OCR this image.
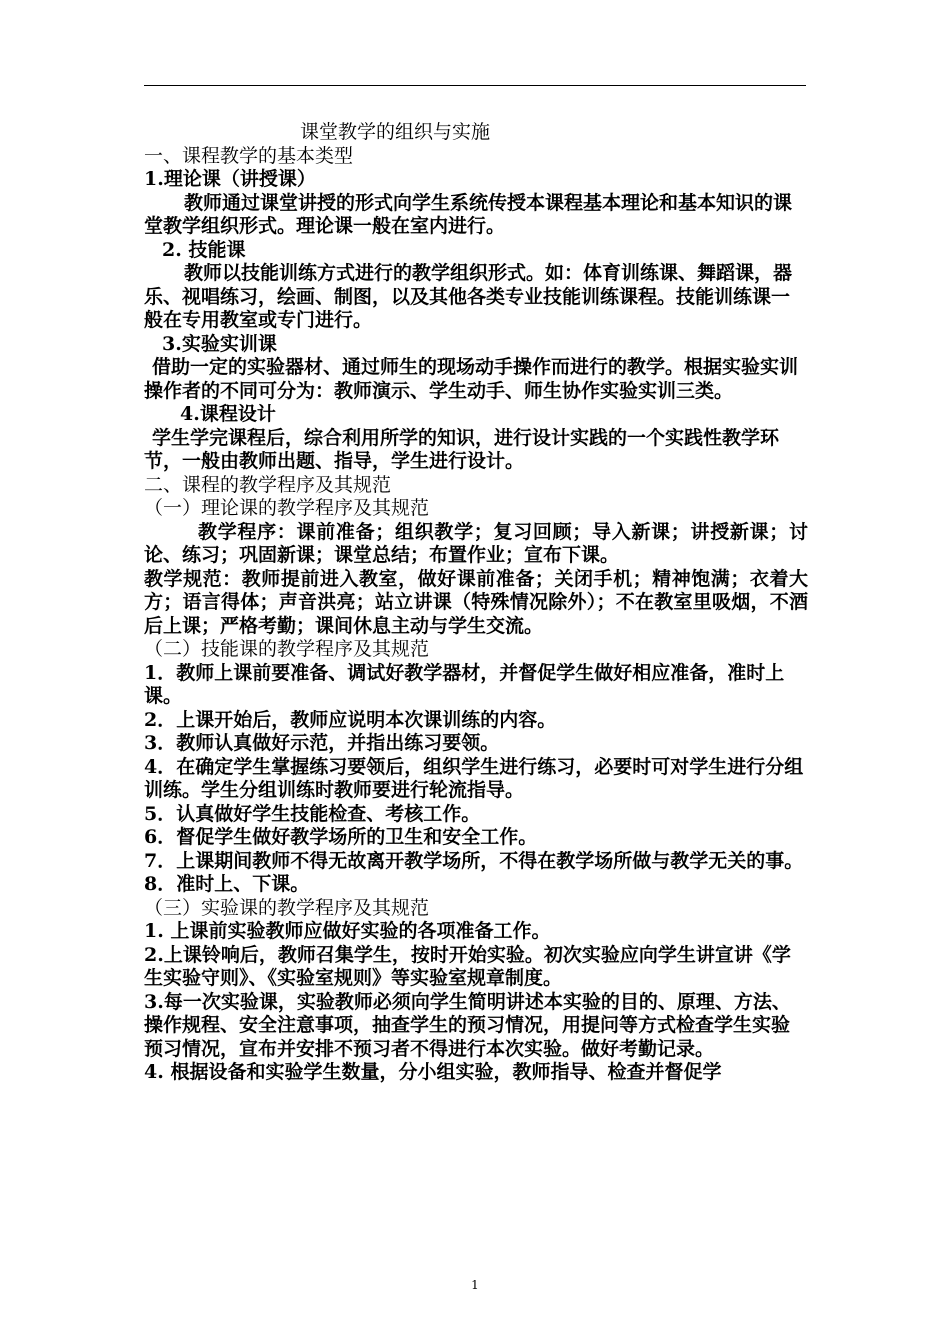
课堂教学的组织与实施

一、课程教学的基本类型

1.理论课（讲授课）

教师通过课堂讲授的形式向学生系统传授本课程基本理论和基本知识的课堂教学组织形式。理论课一般在室内进行。

2. 技能课

教师以技能训练方式进行的教学组织形式。如：体育训练课、舞蹈课，器乐、视唱练习，绘画、制图，以及其他各类专业技能训练课程。技能训练课一般在专用教室或专门进行。

3.实验实训课

借助一定的实验器材、通过师生的现场动手操作而进行的教学。根据实验实训操作者的不同可分为：教师演示、学生动手、师生协作实验实训三类。

4.课程设计

学生学完课程后，综合利用所学的知识，进行设计实践的一个实践性教学环节，一般由教师出题、指导，学生进行设计。

二、课程的教学程序及其规范

（一）理论课的教学程序及其规范

教学程序：课前准备；组织教学；复习回顾；导入新课；讲授新课；讨论、练习；巩固新课；课堂总结；布置作业；宣布下课。

教学规范：教师提前进入教室，做好课前准备；关闭手机；精神饱满；衣着大方；语言得体；声音洪亮；站立讲课（特殊情况除外）；不在教室里吸烟，不酒后上课；严格考勤；课间休息主动与学生交流。

（二）技能课的教学程序及其规范

1．教师上课前要准备、调试好教学器材，并督促学生做好相应准备，准时上课。

2．上课开始后，教师应说明本次课训练的内容。

3．教师认真做好示范，并指出练习要领。

4．在确定学生掌握练习要领后，组织学生进行练习，必要时可对学生进行分组训练。学生分组训练时教师要进行轮流指导。

5．认真做好学生技能检查、考核工作。

6．督促学生做好教学场所的卫生和安全工作。

7．上课期间教师不得无故离开教学场所，不得在教学场所做与教学无关的事。

8．准时上、下课。

（三）实验课的教学程序及其规范

1. 上课前实验教师应做好实验的各项准备工作。

2.上课铃响后，教师召集学生，按时开始实验。初次实验应向学生讲宣讲《学生实验守则》、《实验室规则》等实验室规章制度。

3.每一次实验课，实验教师必须向学生简明讲述本实验的目的、原理、方法、操作规程、安全注意事项，抽查学生的预习情况，用提问等方式检查学生实验预习情况，宣布并安排不预习者不得进行本次实验。做好考勤记录。

4. 根据设备和实验学生数量，分小组实验，教师指导、检查并督促学

1
